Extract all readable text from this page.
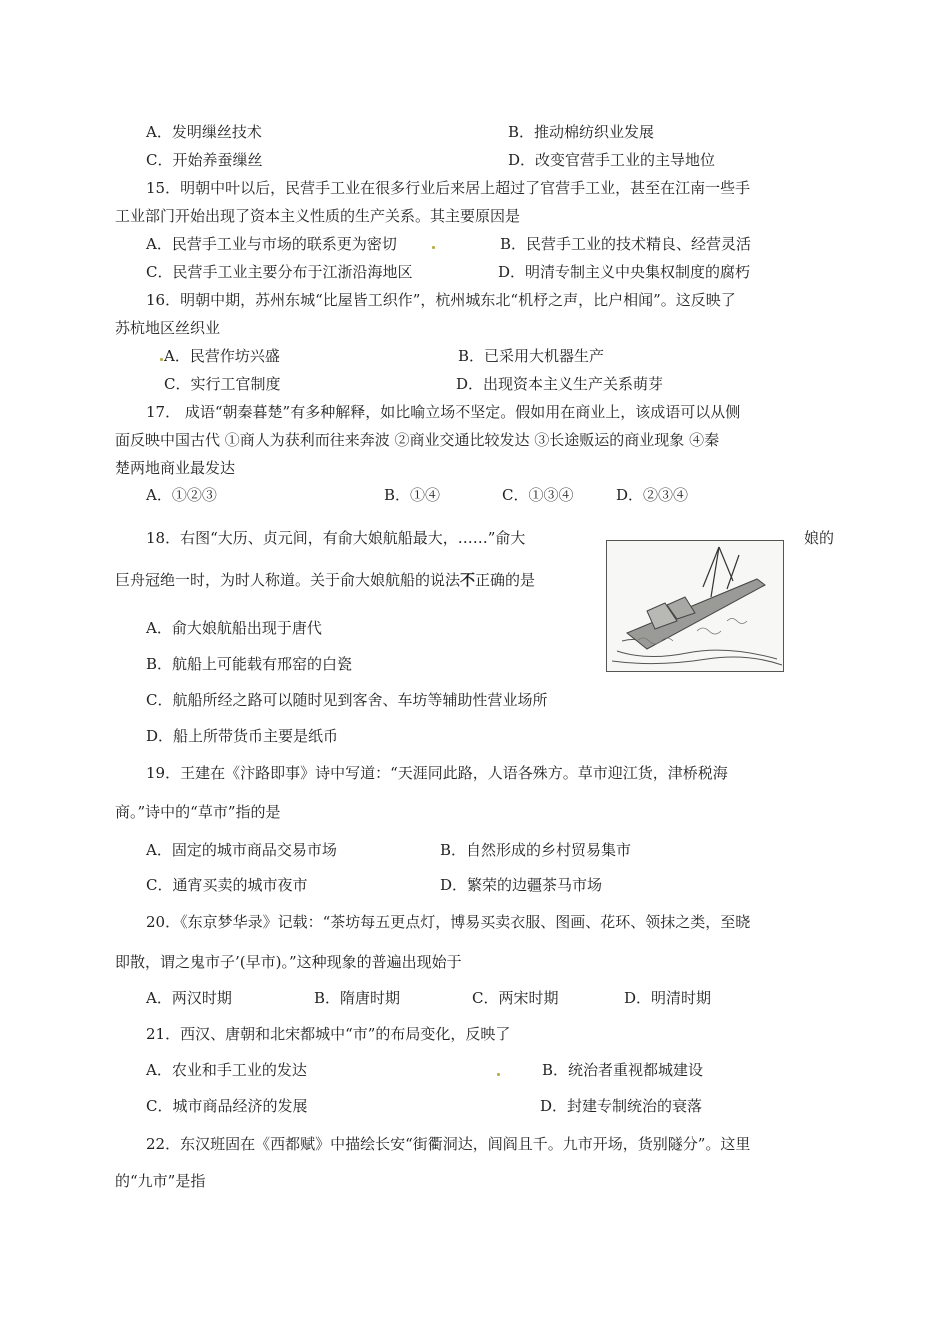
A．发明缫丝技术	B．推动棉纺织业发展
C．开始养蚕缫丝	D．改变官营手工业的主导地位
15．明朝中叶以后，民营手工业在很多行业后来居上超过了官营手工业，甚至在江南一些手
工业部门开始出现了资本主义性质的生产关系。其主要原因是
A．民营手工业与市场的联系更为密切	B．民营手工业的技术精良、经营灵活
C．民营手工业主要分布于江浙沿海地区	D．明清专制主义中央集权制度的腐朽
16．明朝中期，苏州东城“比屋皆工织作”，杭州城东北“机杼之声，比户相闻”。这反映了
苏杭地区丝织业
A．民营作坊兴盛	B．已采用大机器生产
C．实行工官制度	D．出现资本主义生产关系萌芽
17． 成语“朝秦暮楚”有多种解释，如比喻立场不坚定。假如用在商业上，该成语可以从侧
面反映中国古代 ①商人为获利而往来奔波 ②商业交通比较发达 ③长途贩运的商业现象 ④秦
楚两地商业最发达
A．①②③	B．①④	C．①③④	D．②③④
18．右图“大历、贞元间，有俞大娘航船最大，……”俞大	娘的
巨舟冠绝一时，为时人称道。关于俞大娘航船的说法不正确的是
A．俞大娘航船出现于唐代
B．航船上可能载有邢窑的白瓷
C．航船所经之路可以随时见到客舍、车坊等辅助性营业场所
D．船上所带货币主要是纸币
19．王建在《汴路即事》诗中写道：“天涯同此路，人语各殊方。草市迎江货，津桥税海
商。”诗中的“草市”指的是
A．固定的城市商品交易市场	B．自然形成的乡村贸易集市
C．通宵买卖的城市夜市	D．繁荣的边疆茶马市场
20．《东京梦华录》记载：“茶坊每五更点灯，博易买卖衣服、图画、花环、领抹之类，至晓
即散，谓之鬼市子’(早市)。”这种现象的普遍出现始于
A．两汉时期	B．隋唐时期	C．两宋时期	D．明清时期
21．西汉、唐朝和北宋都城中“市”的布局变化，反映了
A．农业和手工业的发达	B．统治者重视都城建设
C．城市商品经济的发展	D．封建专制统治的衰落
22．东汉班固在《西都赋》中描绘长安“街衢洞达，闾阎且千。九市开场，货别隧分”。这里
的“九市”是指
